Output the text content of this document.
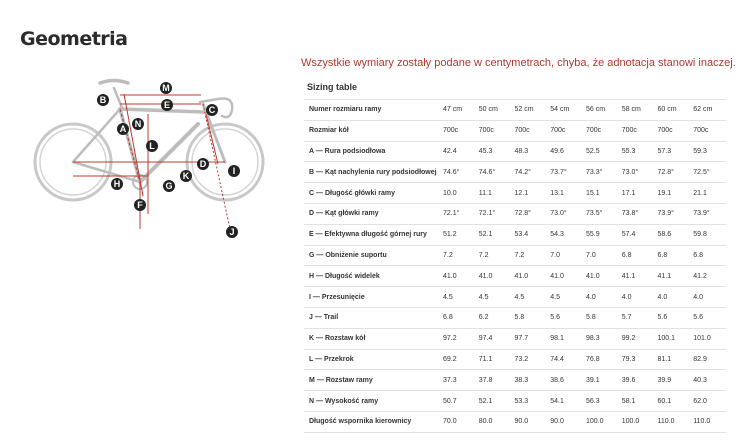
Geometria
B
M
E	C
N
A
L
D
I
K
H	G
F
J
Wszystkie wymiary zostały podane w centymetrach, chyba, że adnotacja stanowi inaczej.
Sizing table
Numer rozmiaru ramy	47 cm	50 cm	52 cm	54 cm	56 cm	58 cm	60 cm	62 cm
Rozmiar kół	700c	700c	700c	700c	700c	700c	700c	700c
A — Rura podsiodłowa	42.4	45.3	48.3	49.6	52.5	55.3	57.3	59.3
B — Kąt nachylenia rury podsiodłowej	74.6°	74.6°	74.2°	73.7°	73.3°	73.0°	72.8°	72.5°
C — Długość główki ramy	10.0	11.1	12.1	13.1	15.1	17.1	19.1	21.1
D — Kąt główki ramy	72.1°	72.1°	72.8°	73.0°	73.5°	73.8°	73.9°	73.9°
E — Efektywna długość górnej rury	51.2	52.1	53.4	54.3	55.9	57.4	58.6	59.8
G — Obniżenie suportu	7.2	7.2	7.2	7.0	7.0	6.8	6.8	6.8
H — Długość widelek	41.0	41.0	41.0	41.0	41.0	41.1	41.1	41.2
I — Przesunięcie	4.5	4.5	4.5	4.5	4.0	4.0	4.0	4.0
J — Trail	6.8	6.2	5.8	5.6	5.8	5.7	5.6	5.6
K — Rozstaw kół	97.2	97.4	97.7	98.1	98.3	99.2	100.1	101.0
L — Przekrok	69.2	71.1	73.2	74.4	76.8	79.3	81.1	82.9
M — Rozstaw ramy	37.3	37.8	38.3	38.6	39.1	39.6	39.9	40.3
N — Wysokość ramy	50.7	52.1	53.3	54.1	56.3	58.1	60.1	62.0
Długość wspornika kierownicy	70.0	80.0	90.0	90.0	100.0	100.0	110.0	110.0
